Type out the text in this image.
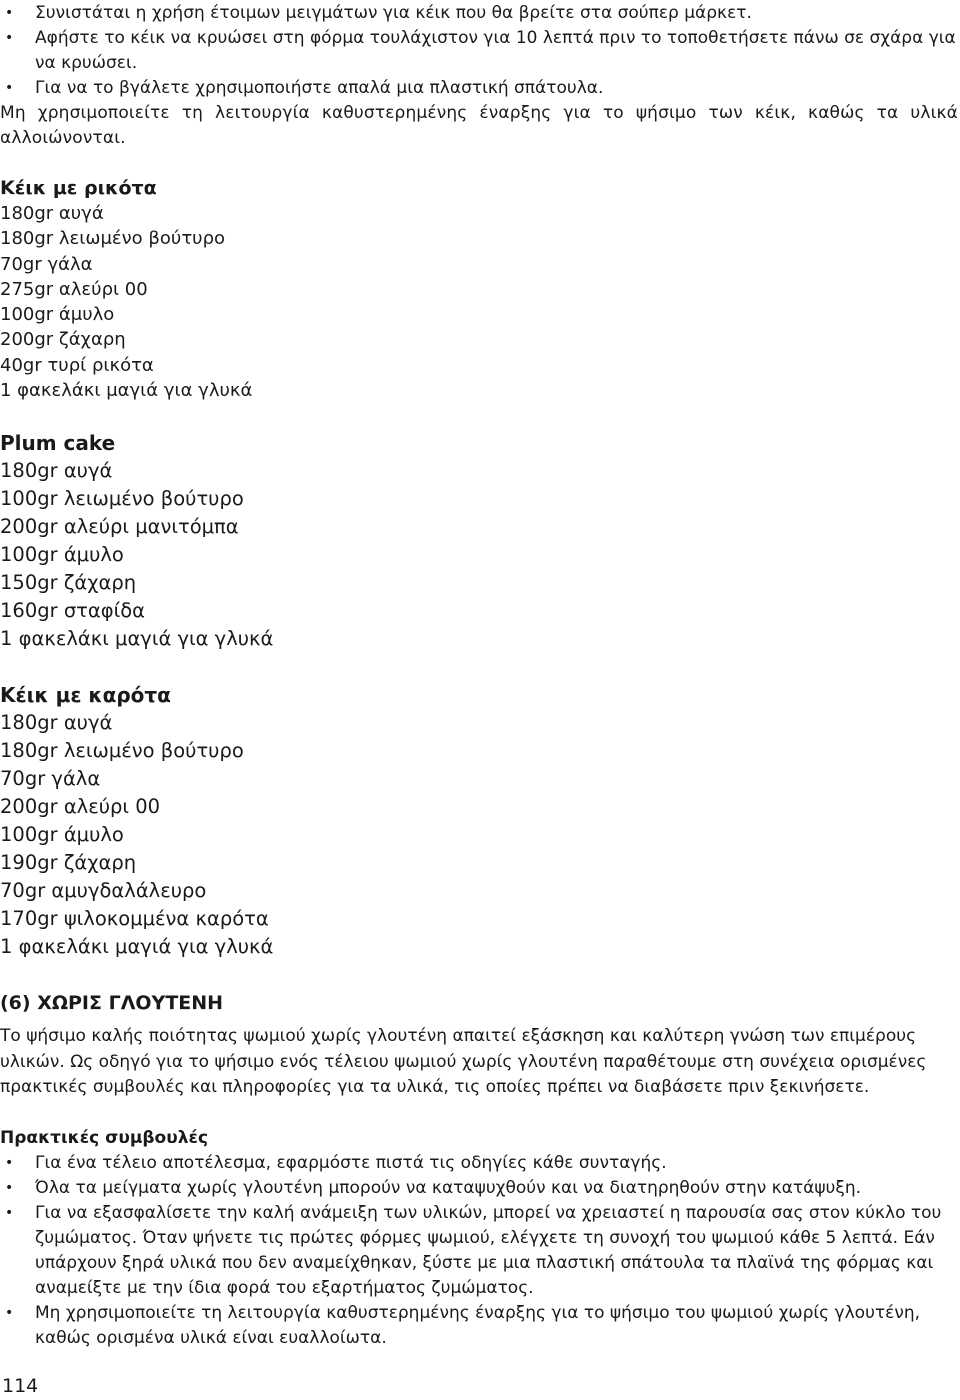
• Συνιστάται η χρήση έτοιμων μειγμάτων για κέικ που θα βρείτε στα σούπερ μάρκετ.
• Αφήστε το κέικ να κρυώσει στη φόρμα τουλάχιστον για 10 λεπτά πριν το τοποθετήσετε πάνω σε σχάρα για να κρυώσει.
• Για να το βγάλετε χρησιμοποιήστε απαλά μια πλαστική σπάτουλα.

Μη χρησιμοποιείτε τη λειτουργία καθυστερημένης έναρξης για το ψήσιμο των κέικ, καθώς τα υλικά αλλοιώνονται.

Κέικ με ρικότα
180gr αυγά
180gr λειωμένο βούτυρο
70gr γάλα
275gr αλεύρι 00
100gr άμυλο
200gr ζάχαρη
40gr τυρί ρικότα
1 φακελάκι μαγιά για γλυκά
Plum cake
180gr αυγά
100gr λειωμένο βούτυρο
200gr αλεύρι μανιτόμπα
100gr άμυλο
150gr ζάχαρη
160gr σταφίδα
1 φακελάκι μαγιά για γλυκά
Κέικ με καρότα
180gr αυγά
180gr λειωμένο βούτυρο
70gr γάλα
200gr αλεύρι 00
100gr άμυλο
190gr ζάχαρη
70gr αμυγδαλάλευρο
170gr ψιλοκομμένα καρότα
1 φακελάκι μαγιά για γλυκά
(6) ΧΩΡΙΣ ΓΛΟΥΤΕΝΗ

Το ψήσιμο καλής ποιότητας ψωμιού χωρίς γλουτένη απαιτεί εξάσκηση και καλύτερη γνώση των επιμέρους υλικών. Ως οδηγό για το ψήσιμο ενός τέλειου ψωμιού χωρίς γλουτένη παραθέτουμε στη συνέχεια ορισμένες πρακτικές συμβουλές και πληροφορίες για τα υλικά, τις οποίες πρέπει να διαβάσετε πριν ξεκινήσετε.

Πρακτικές συμβουλές
• Για ένα τέλειο αποτέλεσμα, εφαρμόστε πιστά τις οδηγίες κάθε συνταγής.
• Όλα τα μείγματα χωρίς γλουτένη μπορούν να καταψυχθούν και να διατηρηθούν στην κατάψυξη.
• Για να εξασφαλίσετε την καλή ανάμειξη των υλικών, μπορεί να χρειαστεί η παρουσία σας στον κύκλο του ζυμώματος. Όταν ψήνετε τις πρώτες φόρμες ψωμιού, ελέγχετε τη συνοχή του ψωμιού κάθε 5 λεπτά. Εάν υπάρχουν ξηρά υλικά που δεν αναμείχθηκαν, ξύστε με μια πλαστική σπάτουλα τα πλαϊνά της φόρμας και αναμείξτε με την ίδια φορά του εξαρτήματος ζυμώματος.
• Μη χρησιμοποιείτε τη λειτουργία καθυστερημένης έναρξης για το ψήσιμο του ψωμιού χωρίς γλουτένη, καθώς ορισμένα υλικά είναι ευαλλοίωτα.
114
